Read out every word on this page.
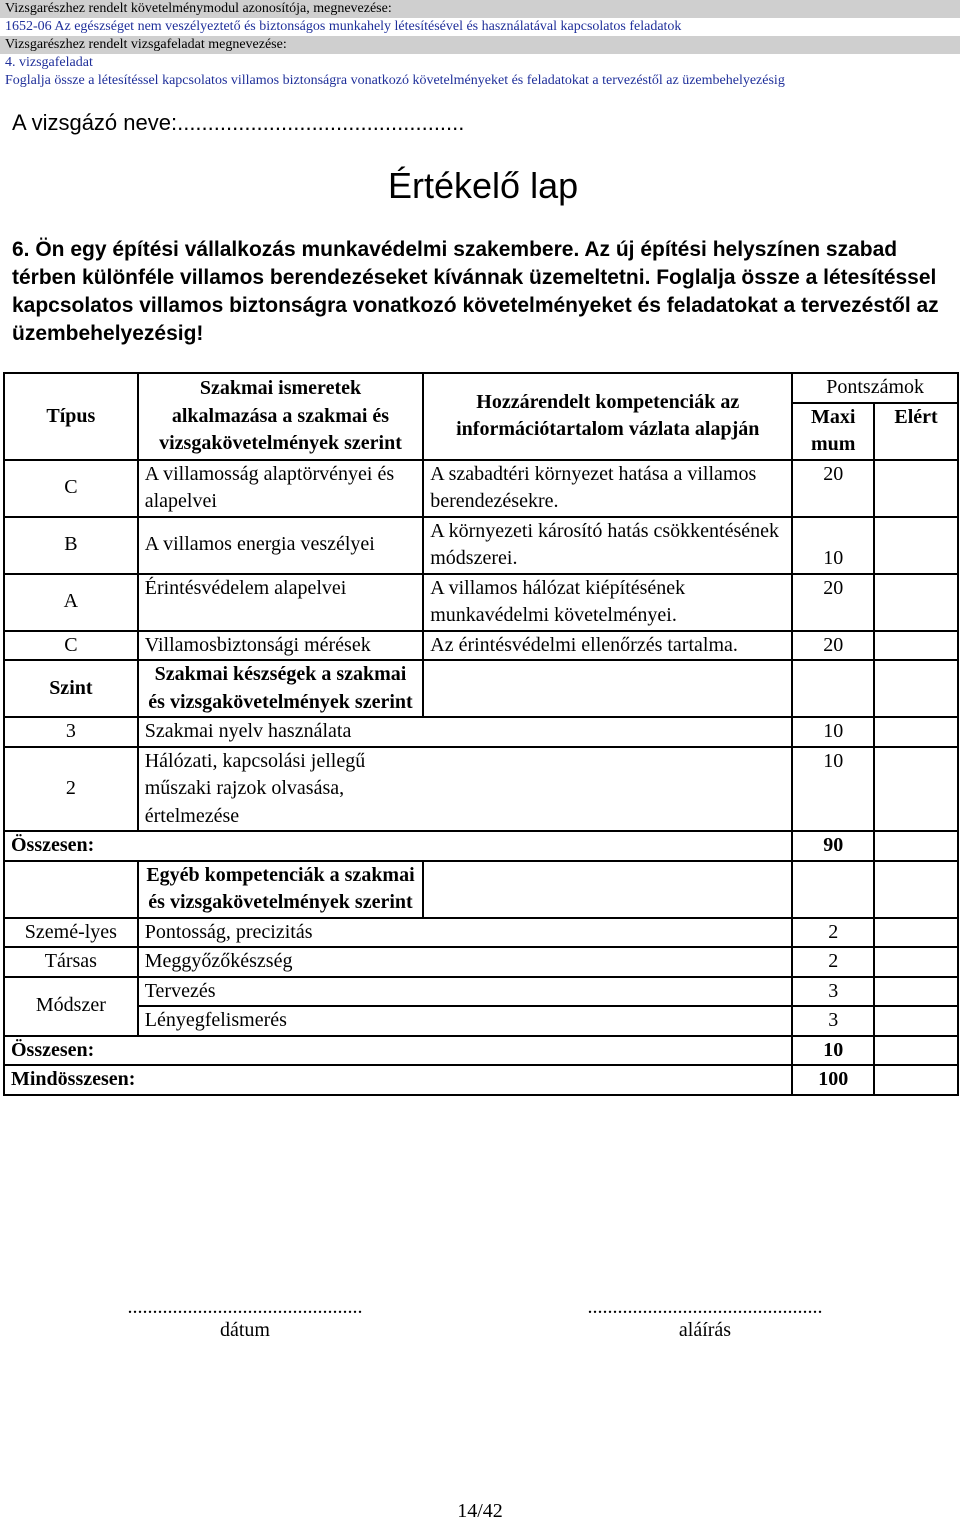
Vizsgarészhez rendelt követelménymodul azonosítója, megnevezése:
1652-06 Az egészséget nem veszélyeztető és biztonságos munkahely létesítésével és használatával kapcsolatos feladatok
Vizsgarészhez rendelt vizsgafeladat megnevezése:
4. vizsgafeladat
Foglalja össze a létesítéssel kapcsolatos villamos biztonságra vonatkozó követelményeket és feladatokat a tervezéstől az üzembehelyezésig
A vizsgázó neve:...............................................
Értékelő lap
6. Ön egy építési vállalkozás munkavédelmi szakembere. Az új építési helyszínen szabad térben különféle villamos berendezéseket kívánnak üzemeltetni. Foglalja össze a létesítéssel kapcsolatos villamos biztonságra vonatkozó követelményeket és feladatokat a tervezéstől az üzembehelyezésig!
Típus	Szakmai ismeretek alkalmazása a szakmai és vizsgakövetelmények szerint	Hozzárendelt kompetenciák az információtartalom vázlata alapján	Pontszámok	
			Maxi mum	Elért
C	A villamosság alaptörvényei és alapelvei	A szabadtéri környezet hatása a villamos berendezésekre.	20	
B	A villamos energia veszélyei	A környezeti károsító hatás csökkentésének módszerei.	10	
A	Érintésvédelem alapelvei	A villamos hálózat kiépítésének munkavédelmi követelményei.	20	
C	Villamosbiztonsági mérések	Az érintésvédelmi ellenőrzés tartalma.	20	
Szint	Szakmai készségek a szakmai és vizsgakövetelmények szerint			
3	Szakmai nyelv használata		10	
2	Hálózati, kapcsolási jellegű műszaki rajzok olvasása, értelmezése		10	
Összesen:			90	
	Egyéb kompetenciák a szakmai és vizsgakövetelmények szerint			
Szemé-lyes	Pontosság, precizitás		2	
Társas	Meggyőzőkészség		2	
Módszer	Tervezés		3	
	Lényegfelismerés		3	
Összesen:			10	
Mindösszesen:			100	
...............................................
dátum
...............................................
aláírás
14/42
